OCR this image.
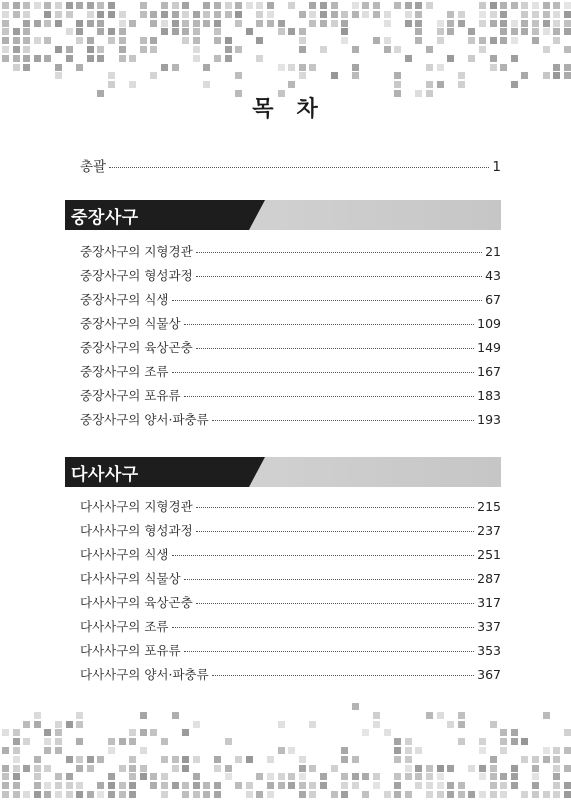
목 차
총괄	1
중장사구
중장사구의 지형경관	21
중장사구의 형성과정	43
중장사구의 식생	67
중장사구의 식물상	109
중장사구의 육상곤충	149
중장사구의 조류	167
중장사구의 포유류	183
중장사구의 양서·파충류	193
다사사구
다사사구의 지형경관	215
다사사구의 형성과정	237
다사사구의 식생	251
다사사구의 식물상	287
다사사구의 육상곤충	317
다사사구의 조류	337
다사사구의 포유류	353
다사사구의 양서·파충류	367
